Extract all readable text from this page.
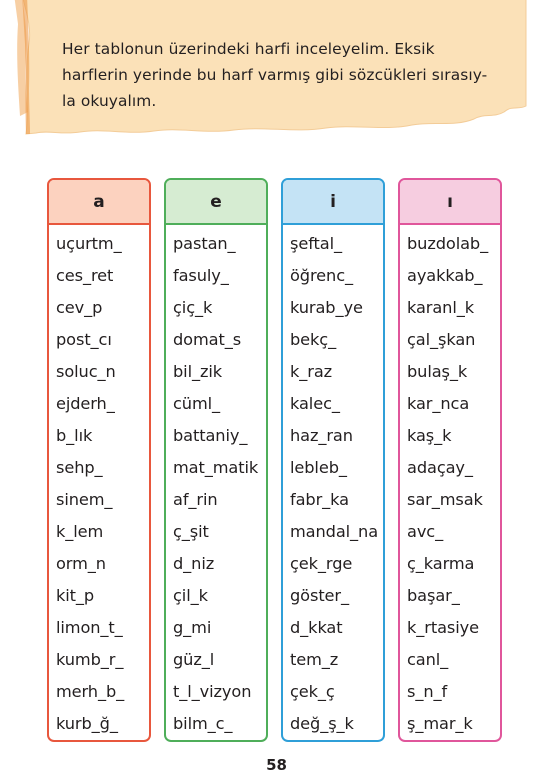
Her tablonun üzerindeki harfi inceleyelim. Eksik
harflerin yerinde bu harf varmış gibi sözcükleri sırasıy-
la okuyalım.

a
uçurtm_
ces_ret
cev_p
post_cı
soluc_n
ejderh_
b_lık
sehp_
sinem_
k_lem
orm_n
kit_p
limon_t_
kumb_r_
merh_b_
kurb_ğ_
e
pastan_
fasuly_
çiç_k
domat_s
bil_zik
cüml_
battaniy_
mat_matik
af_rin
ç_şit
d_niz
çil_k
g_mi
güz_l
t_l_vizyon
bilm_c_
i
şeftal_
öğrenc_
kurab_ye
bekç_
k_raz
kalec_
haz_ran
lebleb_
fabr_ka
mandal_na
çek_rge
göster_
d_kkat
tem_z
çek_ç
değ_ş_k
ı
buzdolab_
ayakkab_
karanl_k
çal_şkan
bulaş_k
kar_nca
kaş_k
adaçay_
sar_msak
avc_
ç_karma
başar_
k_rtasiye
canl_
s_n_f
ş_mar_k
58
